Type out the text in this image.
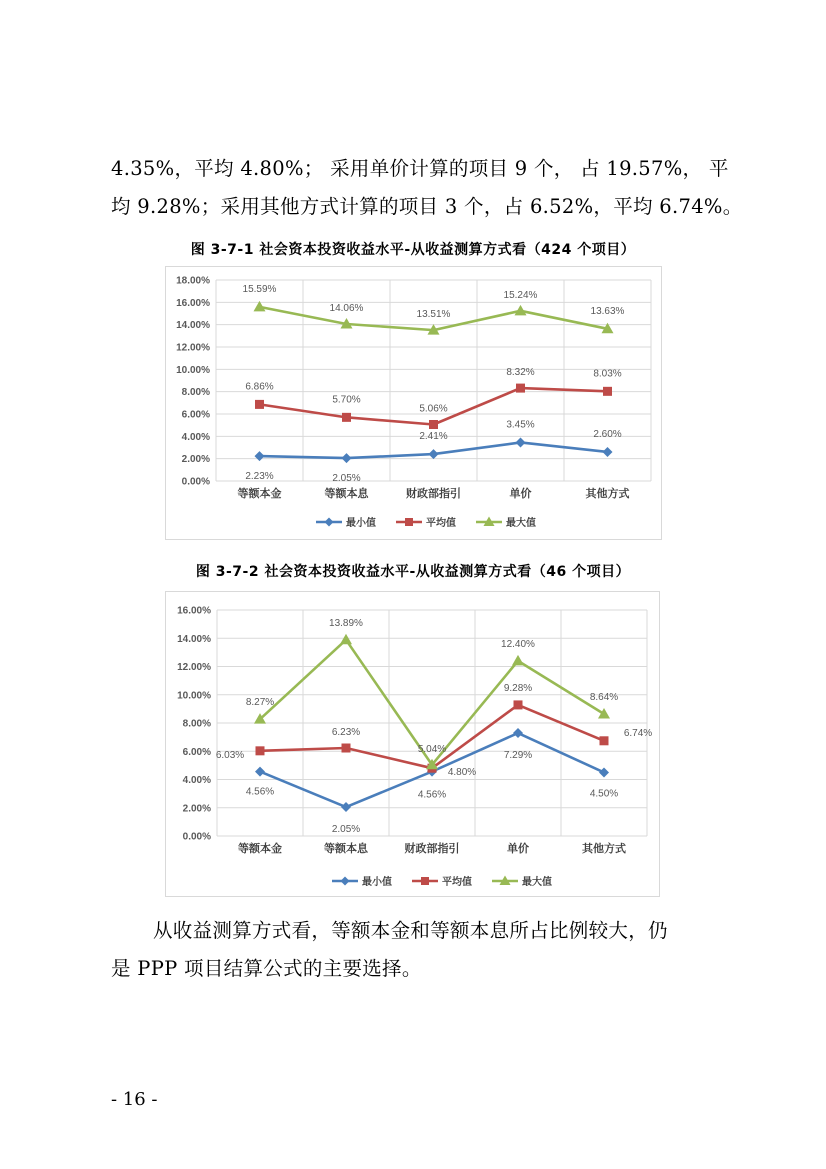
4.35%，平均 4.80%； 采用单价计算的项目 9 个， 占 19.57%， 平
均 9.28%；采用其他方式计算的项目 3 个，占 6.52%，平均 6.74%。
图 3-7-1 社会资本投资收益水平-从收益测算方式看（424 个项目）
0.00%
2.00%
4.00%
6.00%
8.00%
10.00%
12.00%
14.00%
16.00%
18.00%
等额本金	等额本息	财政部指引	单价	其他方式
2.23%	2.05%
2.41%
3.45%
2.60%
6.86%
5.70%
5.06%
8.32%	8.03%
15.59%
14.06%
13.51%
15.24%
13.63%
最小值	平均值	最大值
图 3-7-2 社会资本投资收益水平-从收益测算方式看（46 个项目）
0.00%
2.00%
4.00%
6.00%
8.00%
10.00%
12.00%
14.00%
16.00%
等额本金	等额本息	财政部指引	单价	其他方式
4.56%
2.05%
4.56%
7.29%
4.50%
6.03%
6.23%
4.80%
9.28%
6.74%
8.27%
13.89%
5.04%
12.40%
8.64%
最小值	平均值	最大值
从收益测算方式看，等额本金和等额本息所占比例较大，仍
是 PPP 项目结算公式的主要选择。
- 16 -
